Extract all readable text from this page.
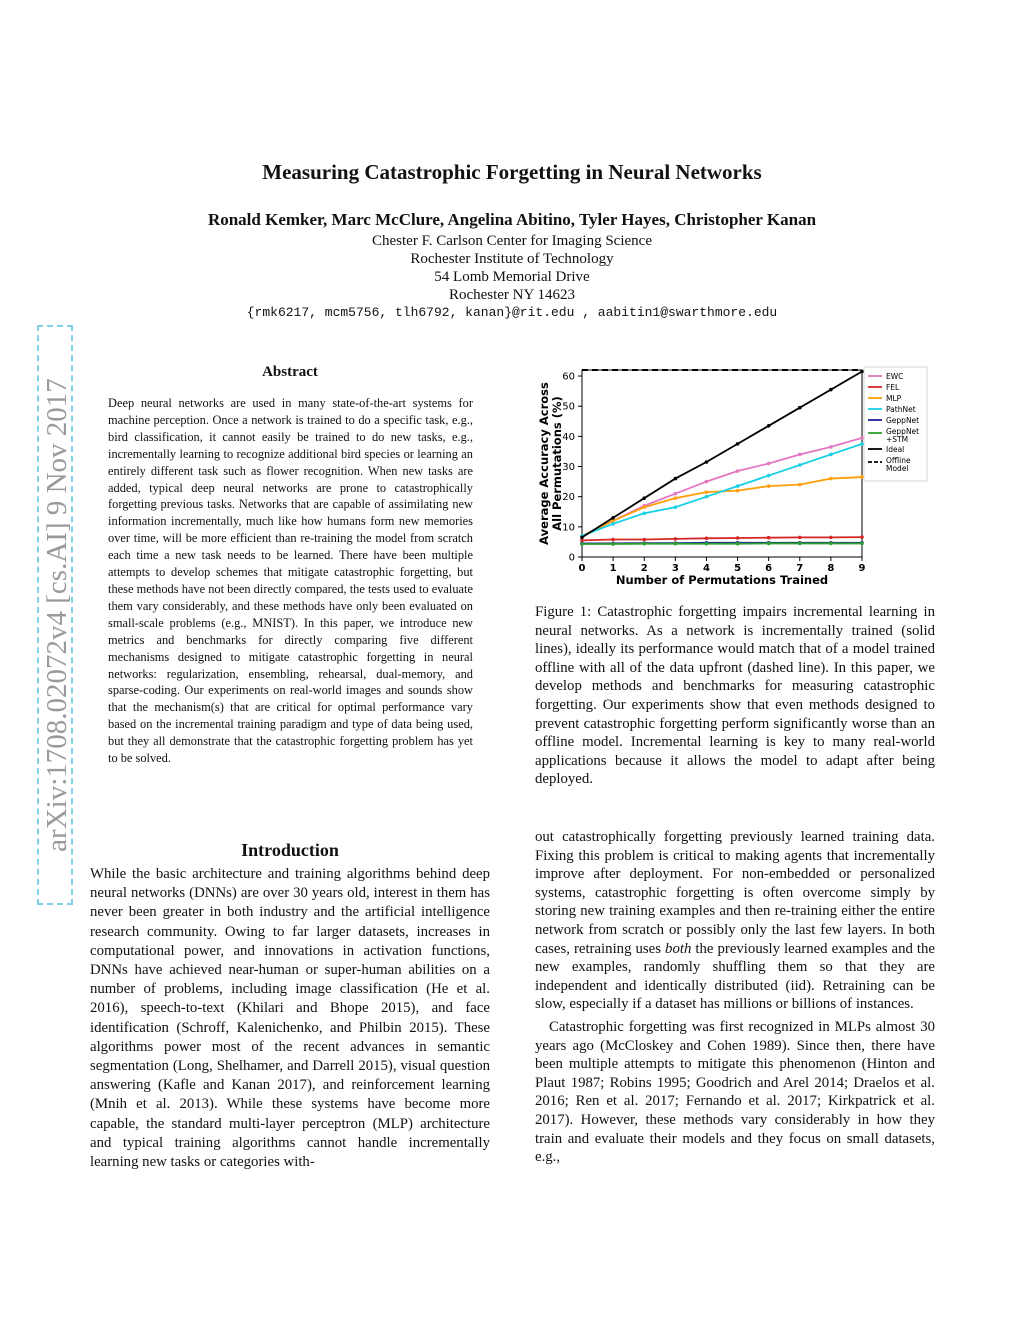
Measuring Catastrophic Forgetting in Neural Networks
Ronald Kemker, Marc McClure, Angelina Abitino, Tyler Hayes, Christopher Kanan
Chester F. Carlson Center for Imaging Science
Rochester Institute of Technology
54 Lomb Memorial Drive
Rochester NY 14623
{rmk6217, mcm5756, tlh6792, kanan}@rit.edu , aabitin1@swarthmore.edu
arXiv:1708.02072v4 [cs.AI] 9 Nov 2017
Abstract
Deep neural networks are used in many state-of-the-art systems for machine perception. Once a network is trained to do a specific task, e.g., bird classification, it cannot easily be trained to do new tasks, e.g., incrementally learning to recognize additional bird species or learning an entirely different task such as flower recognition. When new tasks are added, typical deep neural networks are prone to catastrophically forgetting previous tasks. Networks that are capable of assimilating new information incrementally, much like how humans form new memories over time, will be more efficient than re-training the model from scratch each time a new task needs to be learned. There have been multiple attempts to develop schemes that mitigate catastrophic forgetting, but these methods have not been directly compared, the tests used to evaluate them vary considerably, and these methods have only been evaluated on small-scale problems (e.g., MNIST). In this paper, we introduce new metrics and benchmarks for directly comparing five different mechanisms designed to mitigate catastrophic forgetting in neural networks: regularization, ensembling, rehearsal, dual-memory, and sparse-coding. Our experiments on real-world images and sounds show that the mechanism(s) that are critical for optimal performance vary based on the incremental training paradigm and type of data being used, but they all demonstrate that the catastrophic forgetting problem has yet to be solved.
Introduction
While the basic architecture and training algorithms behind deep neural networks (DNNs) are over 30 years old, interest in them has never been greater in both industry and the artificial intelligence research community. Owing to far larger datasets, increases in computational power, and innovations in activation functions, DNNs have achieved near-human or super-human abilities on a number of problems, including image classification (He et al. 2016), speech-to-text (Khilari and Bhope 2015), and face identification (Schroff, Kalenichenko, and Philbin 2015). These algorithms power most of the recent advances in semantic segmentation (Long, Shelhamer, and Darrell 2015), visual question answering (Kafle and Kanan 2017), and reinforcement learning (Mnih et al. 2013). While these systems have become more capable, the standard multi-layer perceptron (MLP) architecture and typical training algorithms cannot handle incrementally learning new tasks or categories with-
0
10
20
30
40
50
60
0 1 2 3 4 5 6 7 8 9
Number of Permutations Trained
Average Accuracy AcrossAll Permutations (%)
EWC
FEL
MLP
PathNet
GeppNet
GeppNet
+STM
Ideal
Offline
Model
Figure 1: Catastrophic forgetting impairs incremental learning in neural networks. As a network is incrementally trained (solid lines), ideally its performance would match that of a model trained offline with all of the data upfront (dashed line). In this paper, we develop methods and benchmarks for measuring catastrophic forgetting. Our experiments show that even methods designed to prevent catastrophic forgetting perform significantly worse than an offline model. Incremental learning is key to many real-world applications because it allows the model to adapt after being deployed.

out catastrophically forgetting previously learned training data. Fixing this problem is critical to making agents that incrementally improve after deployment. For non-embedded or personalized systems, catastrophic forgetting is often overcome simply by storing new training examples and then re-training either the entire network from scratch or possibly only the last few layers. In both cases, retraining uses both the previously learned examples and the new examples, randomly shuffling them so that they are independent and identically distributed (iid). Retraining can be slow, especially if a dataset has millions or billions of instances.

Catastrophic forgetting was first recognized in MLPs almost 30 years ago (McCloskey and Cohen 1989). Since then, there have been multiple attempts to mitigate this phenomenon (Hinton and Plaut 1987; Robins 1995; Goodrich and Arel 2014; Draelos et al. 2016; Ren et al. 2017; Fernando et al. 2017; Kirkpatrick et al. 2017). However, these methods vary considerably in how they train and evaluate their models and they focus on small datasets, e.g.,
